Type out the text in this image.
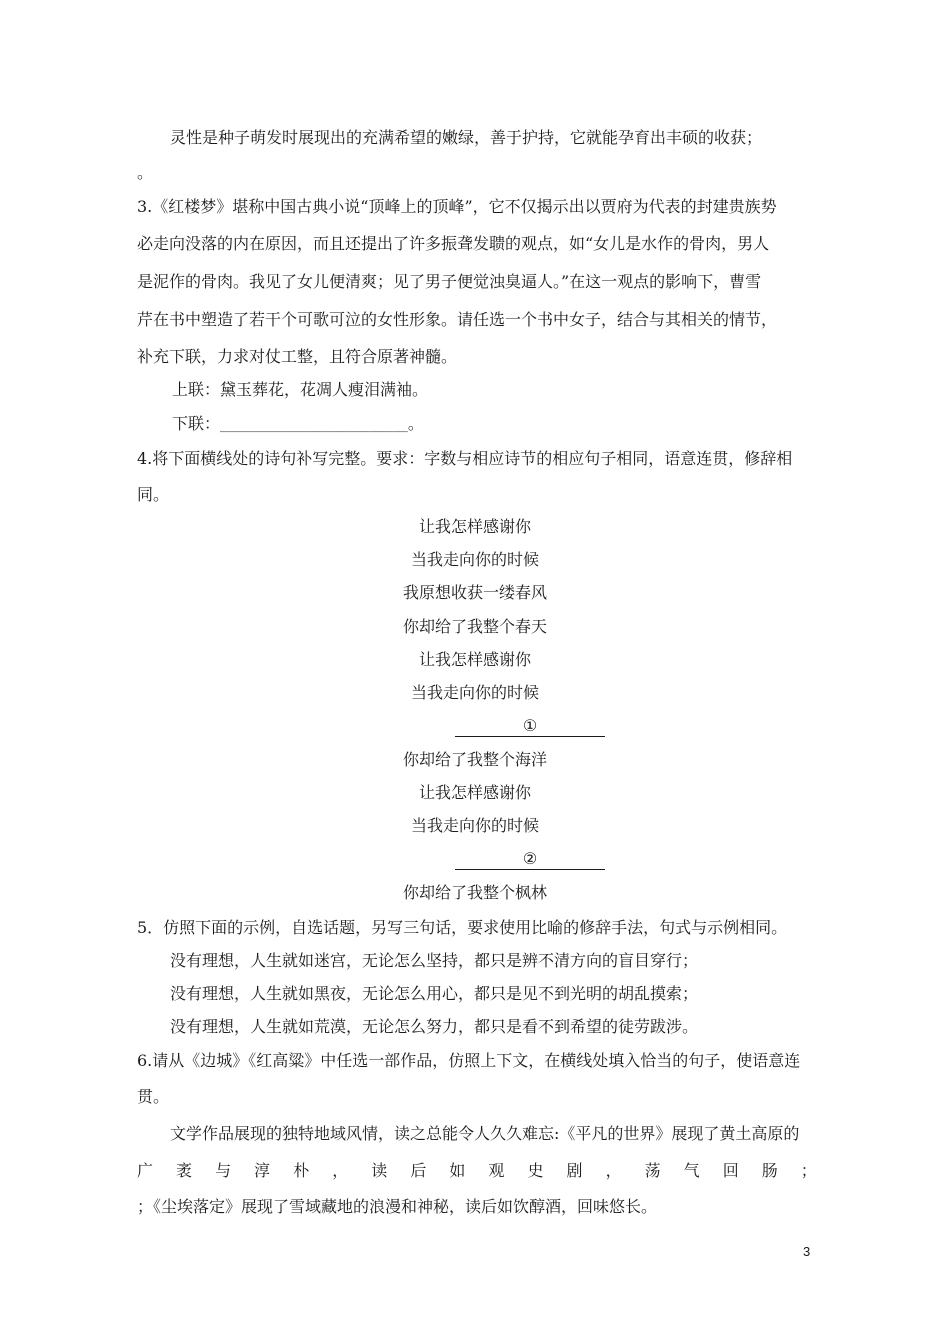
灵性是种子萌发时展现出的充满希望的嫩绿，善于护持，它就能孕育出丰硕的收获；
。
3.《红楼梦》堪称中国古典小说“顶峰上的顶峰”，它不仅揭示出以贾府为代表的封建贵族势
必走向没落的内在原因，而且还提出了许多振聋发聩的观点，如“女儿是水作的骨肉，男人
是泥作的骨肉。我见了女儿便清爽；见了男子便觉浊臭逼人。”在这一观点的影响下，曹雪
芹在书中塑造了若干个可歌可泣的女性形象。请任选一个书中女子，结合与其相关的情节，
补充下联，力求对仗工整，且符合原著神髓。
上联：黛玉葬花，花凋人瘦泪满袖。
下联：________________________。
4.将下面横线处的诗句补写完整。要求：字数与相应诗节的相应句子相同，语意连贯，修辞相
同。
让我怎样感谢你
当我走向你的时候
我原想收获一缕春风
你却给了我整个春天
让我怎样感谢你
当我走向你的时候
①
你却给了我整个海洋
让我怎样感谢你
当我走向你的时候
②
你却给了我整个枫林
5．仿照下面的示例，自选话题，另写三句话，要求使用比喻的修辞手法，句式与示例相同。
没有理想，人生就如迷宫，无论怎么坚持，都只是辨不清方向的盲目穿行；
没有理想，人生就如黑夜，无论怎么用心，都只是见不到光明的胡乱摸索；
没有理想，人生就如荒漠，无论怎么努力，都只是看不到希望的徒劳跋涉。
6.请从《边城》《红高粱》中任选一部作品，仿照上下文，在横线处填入恰当的句子，使语意连
贯。
文学作品展现的独特地域风情，读之总能令人久久难忘:《平凡的世界》展现了黄土高原的
广 袤 与 淳 朴 ， 读 后 如 观 史 剧 ， 荡 气 回 肠 ；
；《尘埃落定》展现了雪域藏地的浪漫和神秘，读后如饮醇酒，回味悠长。
3
